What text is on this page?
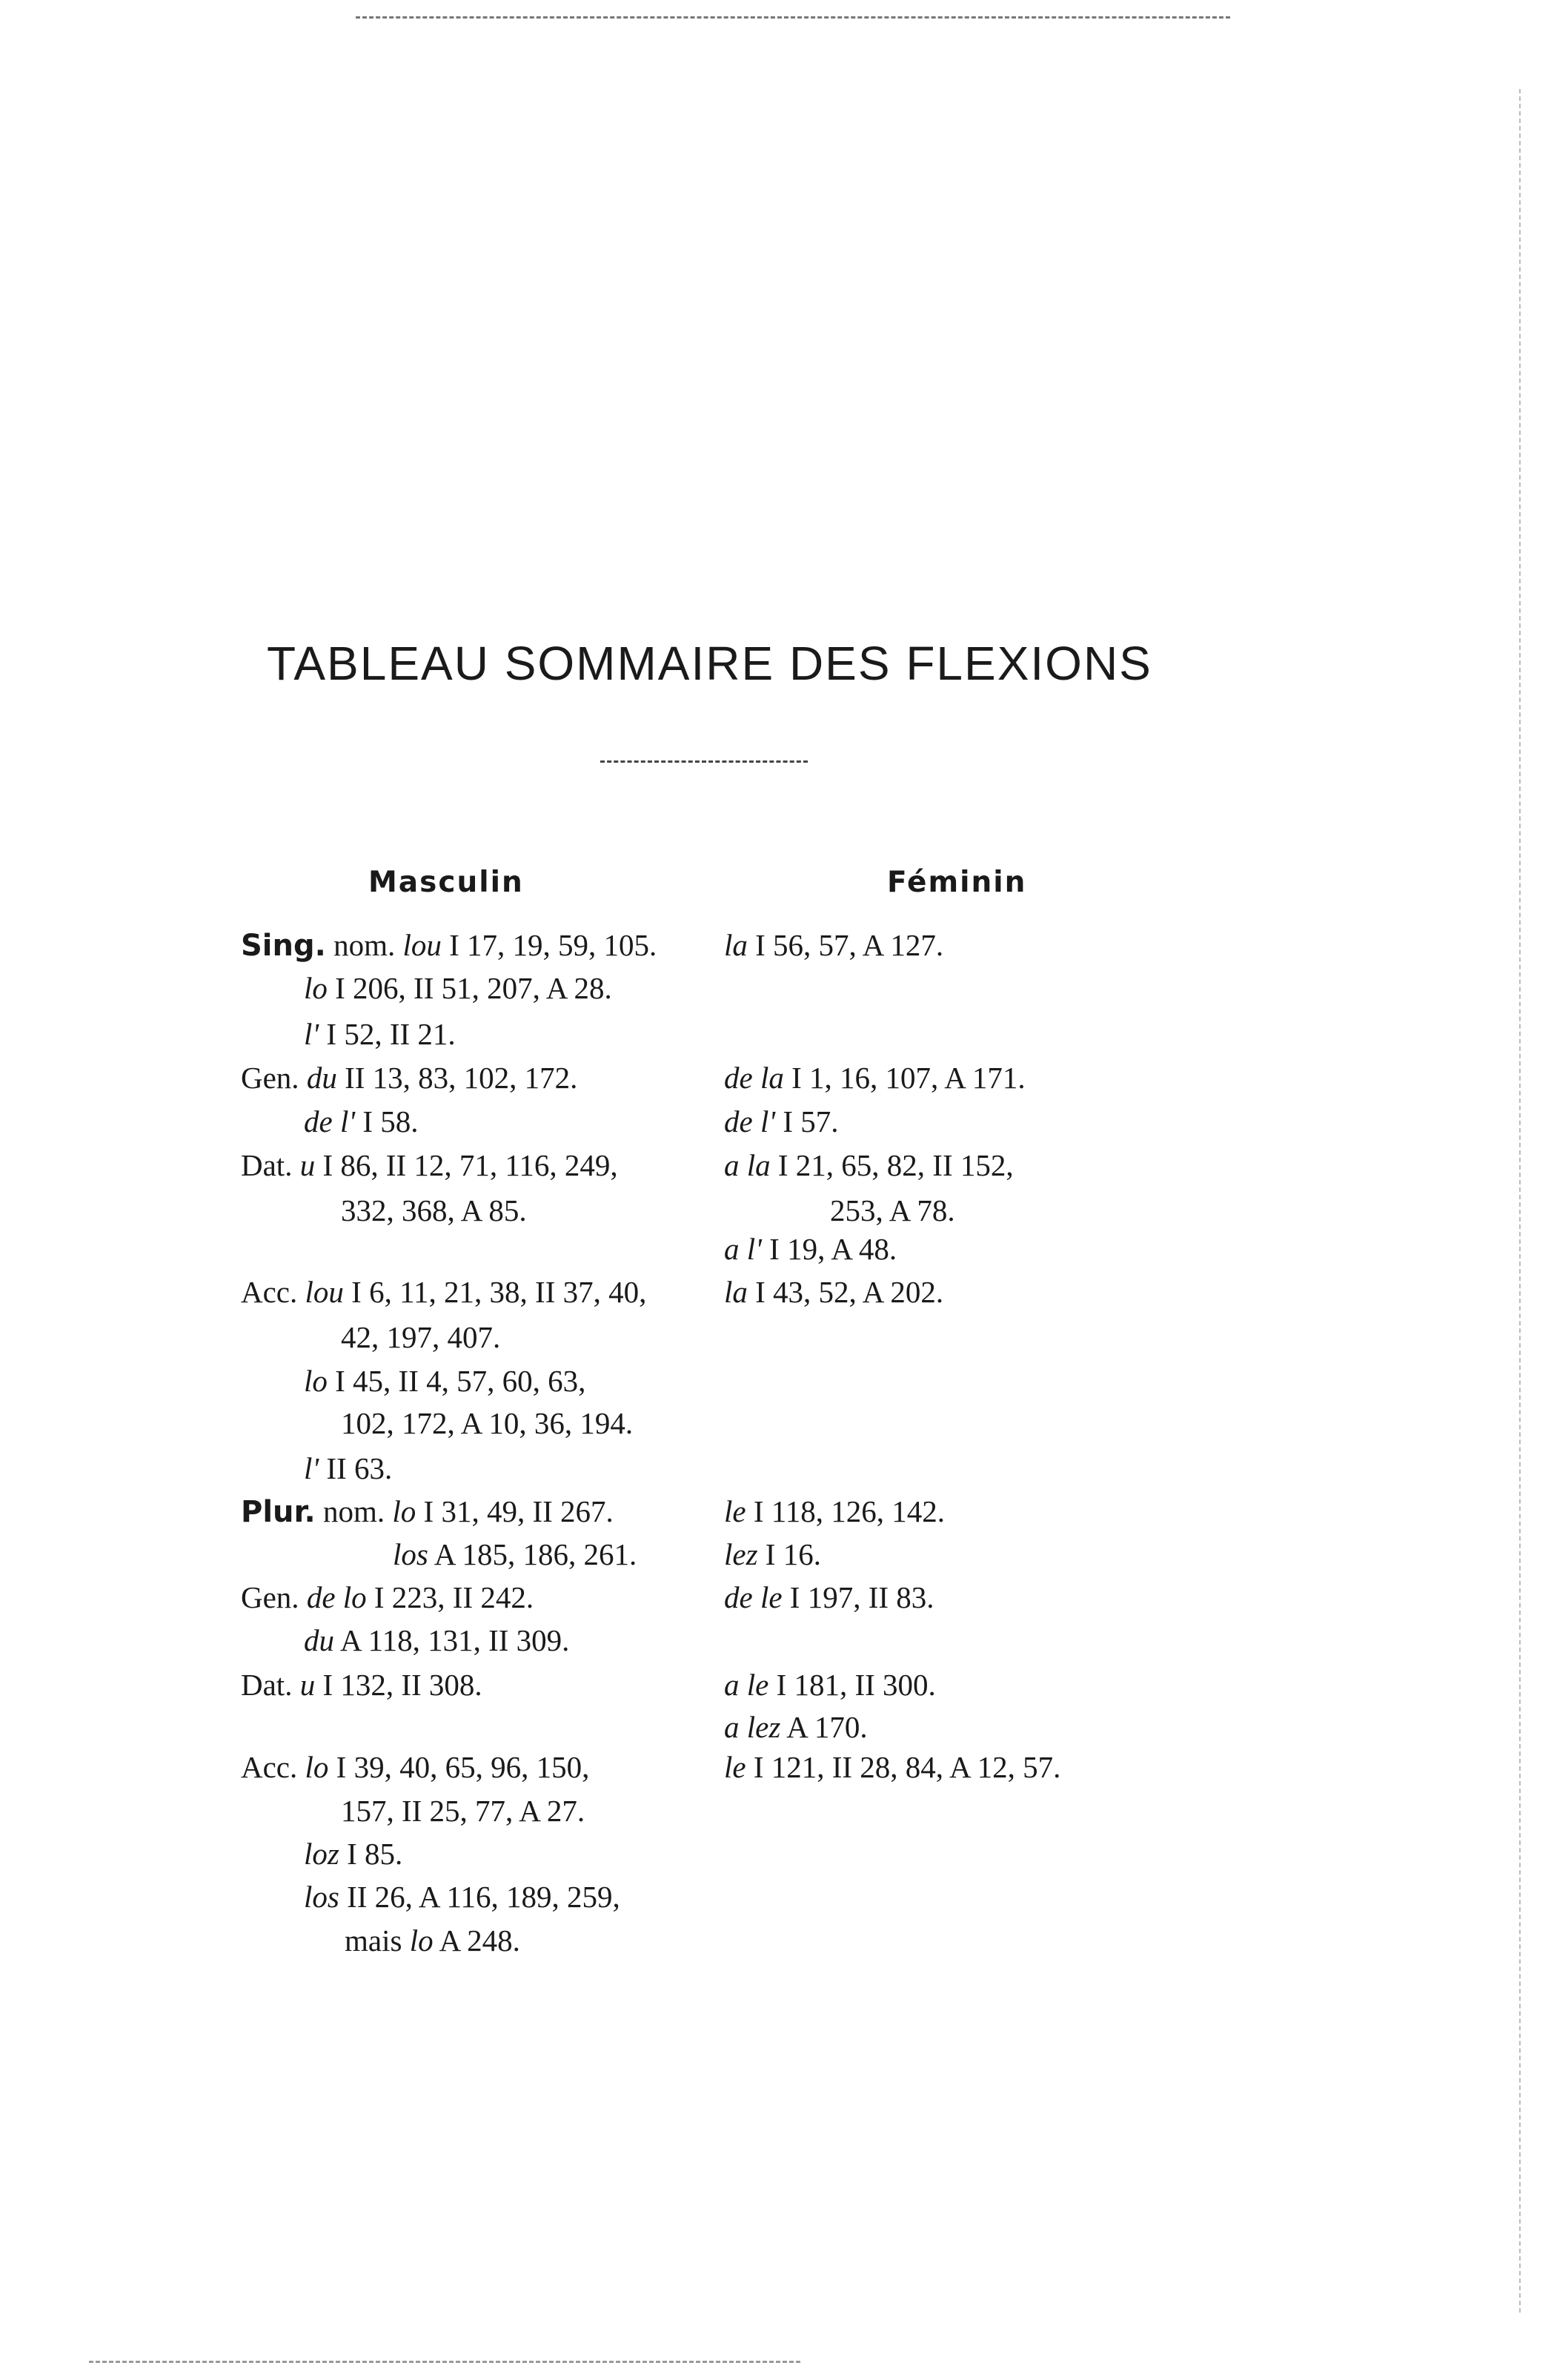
TABLEAU SOMMAIRE DES FLEXIONS
Masculin	Féminin
Sing. nom. lou I 17, 19, 59, 105.
lo I 206, II 51, 207, A 28.
l' I 52, II 21.
Gen. du II 13, 83, 102, 172.
de l' I 58.
Dat. u I 86, II 12, 71, 116, 249,
332, 368, A 85.
Acc. lou I 6, 11, 21, 38, II 37, 40,
42, 197, 407.
lo I 45, II 4, 57, 60, 63,
102, 172, A 10, 36, 194.
l' II 63.
Plur. nom. lo I 31, 49, II 267.
los A 185, 186, 261.
Gen. de lo I 223, II 242.
du A 118, 131, II 309.
Dat. u I 132, II 308.
Acc. lo I 39, 40, 65, 96, 150,
157, II 25, 77, A 27.
loz I 85.
los II 26, A 116, 189, 259,
mais lo A 248.
la I 56, 57, A 127.
de la I 1, 16, 107, A 171.
de l' I 57.
a la I 21, 65, 82, II 152,
253, A 78.
a l' I 19, A 48.
la I 43, 52, A 202.
le I 118, 126, 142.
lez I 16.
de le I 197, II 83.
a le I 181, II 300.
a lez A 170.
le I 121, II 28, 84, A 12, 57.
